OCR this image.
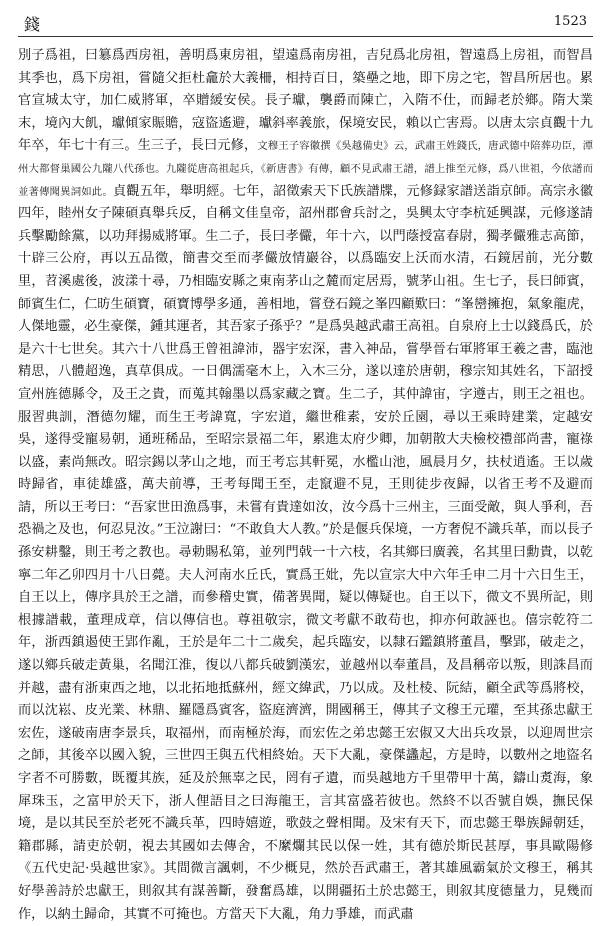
錢	1523

別子爲祖，曰簒爲西房祖，善明爲東房祖，望遠爲南房祖，吉兒爲北房祖，智遠爲上房祖，而智昌其季也，爲下房祖，嘗隨父拒杜龕於大義柵，相持百日，築壘之地，即下房之宅，智昌所居也。累官宣城太守，加仁威將軍，卒贈緩安侯。長子瓛，襲爵而陳亡，入隋不仕，而歸老於鄉。隋大業末，境內大飢，瓛傾家賑贍，寇盜遙避，瓛斜率義旅，保境安民，賴以亡害焉。以唐太宗貞觀十九年卒，年七十有三。生三子，長曰元修，文穆王子容徽撰《吳越備史》云，武肅王姓錢氏，唐武德中陪葬功臣，潭州大都督巢國公九隴八代孫也。九隴從唐高祖起兵，《新唐書》有傳，顧不見武肅王譜，譜上推至元修，爲八世祖，今依譜而並著傳聞異詞如此。貞觀五年，舉明經。七年，詔徵索天下氏族譜牒，元修録家譜送詣京師。高宗永徽四年，睦州女子陳碩真舉兵反，自稱文佳皇帝，詔州郡會兵討之，吳興太守李杭延興謀，元修遂請兵擊勵餘黨，以功拜揚威將軍。生二子，長曰孝儼，年十六，以門蔭授富春尉，獨孝儼雅志高節，十辟三公府，再以五品徵，簡書交至而孝儼放情巖谷，以爲臨安上沃而水清，石鏡居前，光分數里，苕溪處後，波漾十尋，乃相臨安縣之東南茅山之麓而定居焉，號茅山祖。生七子，長曰師賓，師賓生仁，仁昉生碩寶，碩寶博學多通，善相地，嘗登石鏡之峯四顧歎曰：“峯巒擁抱，氣象龍虎，人傑地靈，必生豪傑，鍾其運者，其吾家子孫乎？”是爲吳越武肅王高祖。自泉府上士以錢爲氏，於是六十七世矣。其六十八世爲王曾祖諱沛，器宇宏深，書入神品，嘗學晉右軍將軍王羲之書，臨池精思，八體超逸，真草俱成。一日偶濡毫木上，入木三分，遂以達於唐朝，穆宗知其姓名，下詔授宣州旌德縣令，及王之貴，而蒐其翰墨以爲家藏之寶。生二子，其仲諱宙，字遵古，則王之祖也。服習典訓，潛德勿耀，而生王考諱寬，字宏道，繼世稚素，安於丘園，尋以王乘時建業，定越安吳，遂得受寵易朝，通班稀品，至昭宗景福二年，累進太府少卿，加朝散大夫檢校禮部尚書，寵祿以盛，素尚無改。昭宗錫以茅山之地，而王考忘其軒冕，水檻山池，風晨月夕，扶杖逍遙。王以歲時歸省，車徒雄盛，萬夫前導，王考每聞王至，走竄避不見，王則徒步夜歸，以省王考不及避而請，所以王考曰：“吾家世田漁爲事，未嘗有貴達如汝，汝今爲十三州主，三面受敵，與人爭利，吾恐禍之及也，何忍見汝。”王泣謝曰：“不敢負大人教。”於是偃兵保境，一方奢倪不識兵革，而以長子孫安耕鑿，則王考之教也。尋勅賜私第，並列門戟一十六枝，名其鄉曰廣義，名其里曰勳貴，以乾寧二年乙卯四月十八日薨。夫人河南水丘氏，實爲王妣，先以宣宗大中六年壬申二月十六日生王，自王以上，傳序具於王之譜，而參稽史實，備著異聞，疑以傳疑也。自王以下，微文不異所記，則根據譜載，董理成章，信以傳信也。尊祖敬宗，微文考獻不敢苟也，抑亦何敢誣也。僖宗乾符二年，浙西鎮遏使王郢作亂，王於是年二十二歲矣，起兵臨安，以隸石鑑鎮將董昌，擊郢，破走之，遂以鄉兵破走黃巢，名聞江淮，復以八都兵破劉漢宏，並越州以奉董昌，及昌稱帝以叛，則誅昌而并越，盡有浙東西之地，以北拓地抵蘇州，經文緯武，乃以成。及杜棱、阮結，顧全武等爲將校，而以沈崧、皮光業、林鼎、羅隱爲賓客，盜庭濟濟，開國稱王，傳其子文穆王元瓘，至其孫忠獻王宏佐，遂破南唐李景兵，取福州，而南極於海，而宏佐之弟忠懿王宏俶又大出兵攻景，以迎周世宗之師，其後卒以國入貌，三世四王與五代相終始。天下大亂，豪傑蠭起，方是時，以數州之地盜名字者不可勝數，既覆其族，延及於無辜之民，罔有孑遺，而吳越地方千里帶甲十萬，鑄山煑海，象犀珠玉，之富甲於天下，浙人俚語目之曰海龍王，言其富盛若彼也。然終不以否號自娛，撫民保境，是以其民至於老死不識兵革，四時嬉遊，歌鼓之聲相聞。及宋有天下，而忠懿王舉族歸朝廷，籍郡縣，請吏於朝，視去其國如去傳舍，不縻爛其民以保一姓，其有德於斯民甚厚，事具歐陽修《五代史記·吳越世家》。其間微言諷刺，不少概見，然於吾武肅王，著其雄風霸氣於文穆王，稱其好學善詩於忠獻王，則叙其有謀善斷，發奮爲雄，以開疆拓土於忠懿王，則叙其度德量力，見幾而作，以納土歸命，其實不可掩也。方當天下大亂，角力爭雄，而武肅
